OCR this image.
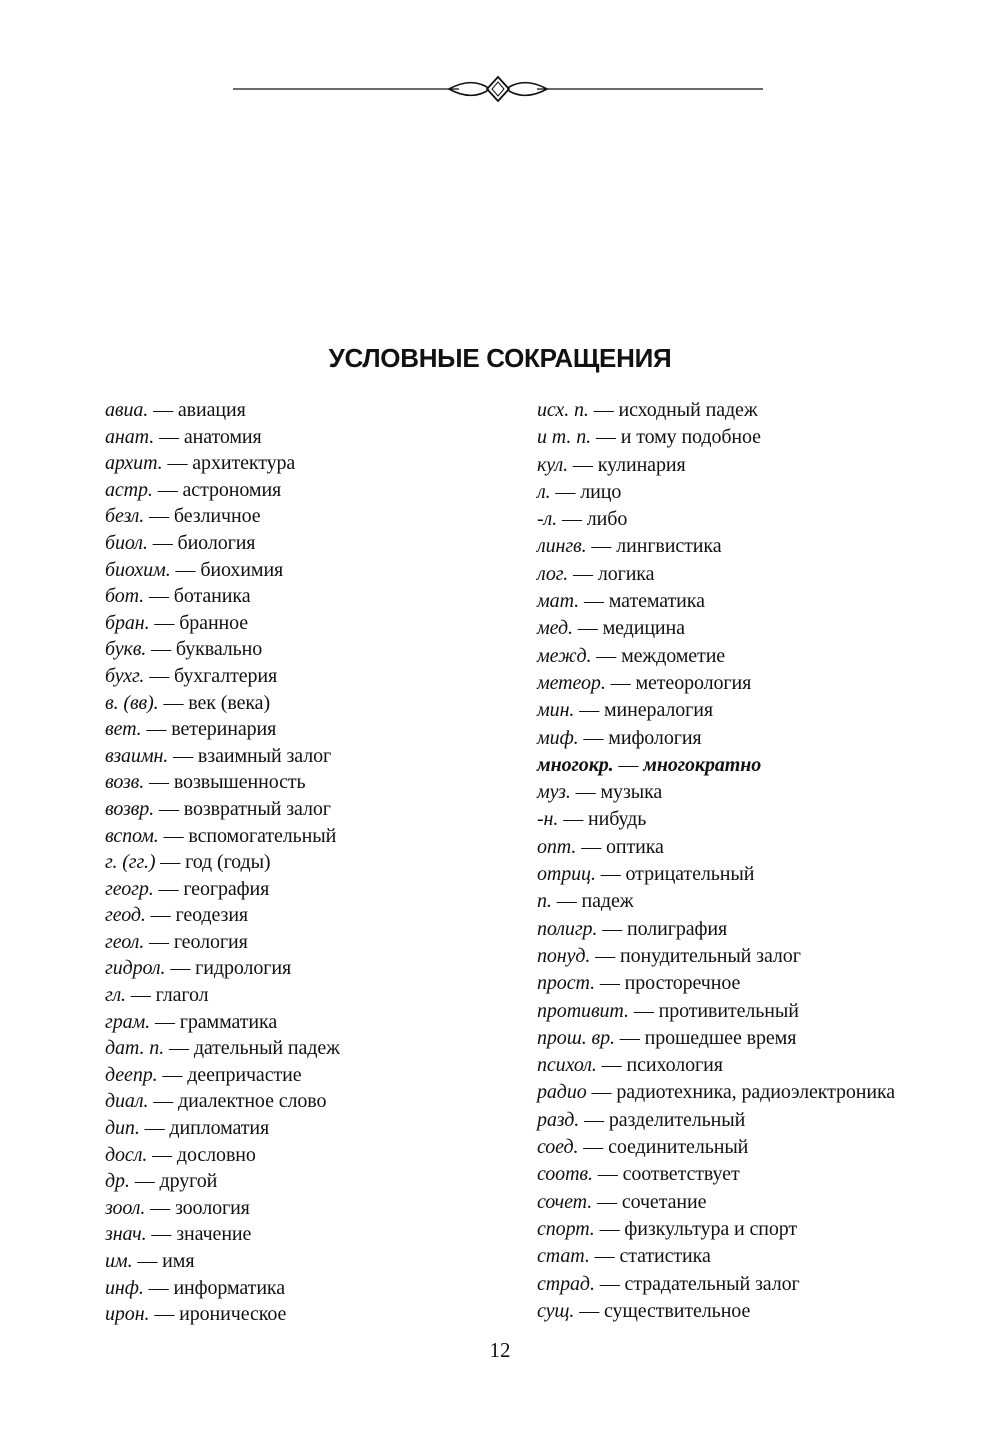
УСЛОВНЫЕ СОКРАЩЕНИЯ
авиа. — авиация
анат. — анатомия
архит. — архитектура
астр. — астрономия
безл. — безличное
биол. — биология
биохим. — биохимия
бот. — ботаника
бран. — бранное
букв. — буквально
бухг. — бухгалтерия
в. (вв). — век (века)
вет. — ветеринария
взаимн. — взаимный залог
возв. — возвышенность
возвр. — возвратный залог
вспом. — вспомогательный
г. (гг.) — год (годы)
геогр. — география
геод. — геодезия
геол. — геология
гидрол. — гидрология
гл. — глагол
грам. — грамматика
дат. п. — дательный падеж
деепр. — деепричастие
диал. — диалектное слово
дип. — дипломатия
досл. — дословно
др. — другой
зоол. — зоология
знач. — значение
им. — имя
инф. — информатика
ирон. — ироническое
исх. п. — исходный падеж
и т. п. — и тому подобное
кул. — кулинария
л. — лицо
-л. — либо
лингв. — лингвистика
лог. — логика
мат. — математика
мед. — медицина
межд. — междометие
метеор. — метеорология
мин. — минералогия
миф. — мифология
многокр. — многократно
муз. — музыка
-н. — нибудь
опт. — оптика
отриц. — отрицательный
п. — падеж
полигр. — полиграфия
понуд. — понудительный залог
прост. — просторечное
противит. — противительный
прош. вр. — прошедшее время
психол. — психология
радио — радиотехника, радиоэлектроника
разд. — разделительный
соед. — соединительный
соотв. — соответствует
сочет. — сочетание
спорт. — физкультура и спорт
стат. — статистика
страд. — страдательный залог
сущ. — существительное
12
